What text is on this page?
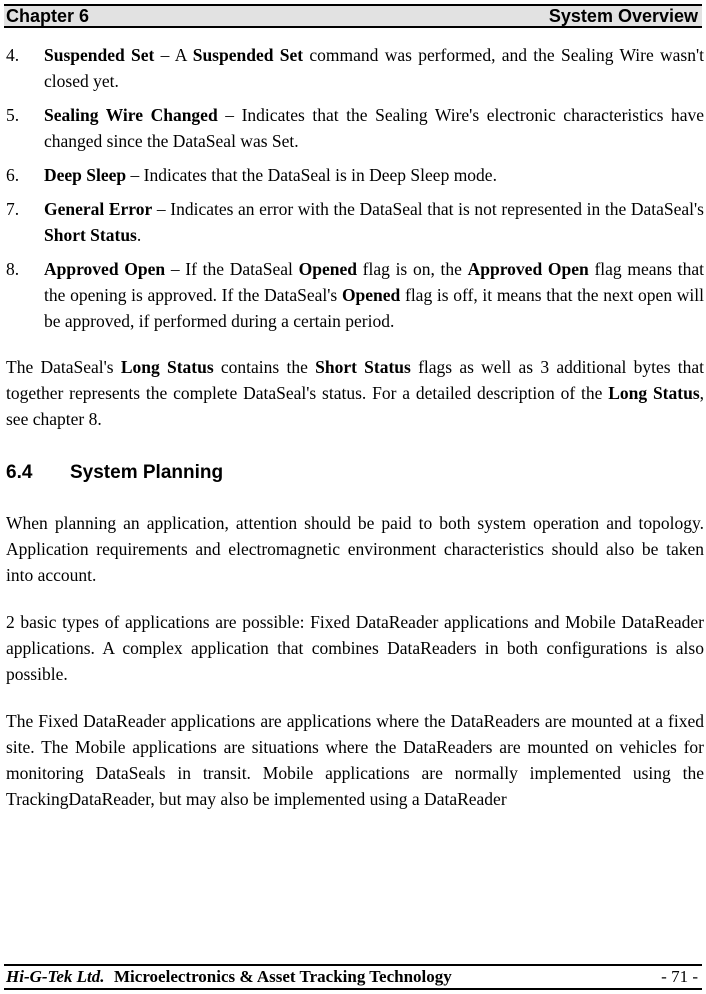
Chapter 6	System Overview
4. Suspended Set – A Suspended Set command was performed, and the Sealing Wire wasn't closed yet.
5. Sealing Wire Changed – Indicates that the Sealing Wire's electronic characteristics have changed since the DataSeal was Set.
6. Deep Sleep – Indicates that the DataSeal is in Deep Sleep mode.
7. General Error – Indicates an error with the DataSeal that is not represented in the DataSeal's Short Status.
8. Approved Open – If the DataSeal Opened flag is on, the Approved Open flag means that the opening is approved. If the DataSeal's Opened flag is off, it means that the next open will be approved, if performed during a certain period.

The DataSeal's Long Status contains the Short Status flags as well as 3 additional bytes that together represents the complete DataSeal's status. For a detailed description of the Long Status, see chapter 8.

6.4 System Planning

When planning an application, attention should be paid to both system operation and topology. Application requirements and electromagnetic environment characteristics should also be taken into account.

2 basic types of applications are possible: Fixed DataReader applications and Mobile DataReader applications. A complex application that combines DataReaders in both configurations is also possible.

The Fixed DataReader applications are applications where the DataReaders are mounted at a fixed site. The Mobile applications are situations where the DataReaders are mounted on vehicles for monitoring DataSeals in transit. Mobile applications are normally implemented using the TrackingDataReader, but may also be implemented using a DataReader

Hi-G-Tek Ltd. Microelectronics & Asset Tracking Technology	- 71 -
